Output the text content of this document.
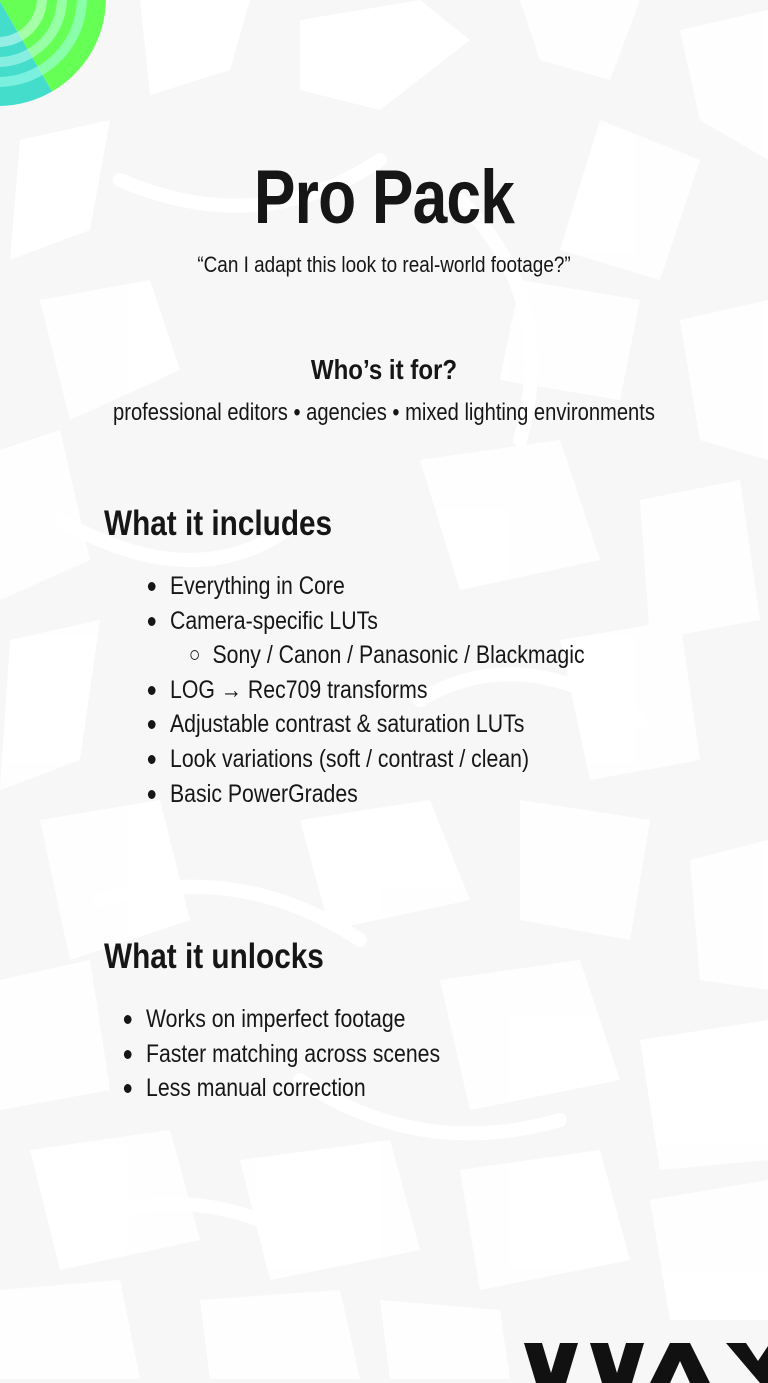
Pro Pack
“Can I adapt this look to real-world footage?”
Who’s it for?
professional editors • agencies • mixed lighting environments
What it includes
Everything in Core
Camera-specific LUTs
Sony / Canon / Panasonic / Blackmagic
LOG → Rec709 transforms
Adjustable contrast & saturation LUTs
Look variations (soft / contrast / clean)
Basic PowerGrades
What it unlocks
Works on imperfect footage
Faster matching across scenes
Less manual correction
